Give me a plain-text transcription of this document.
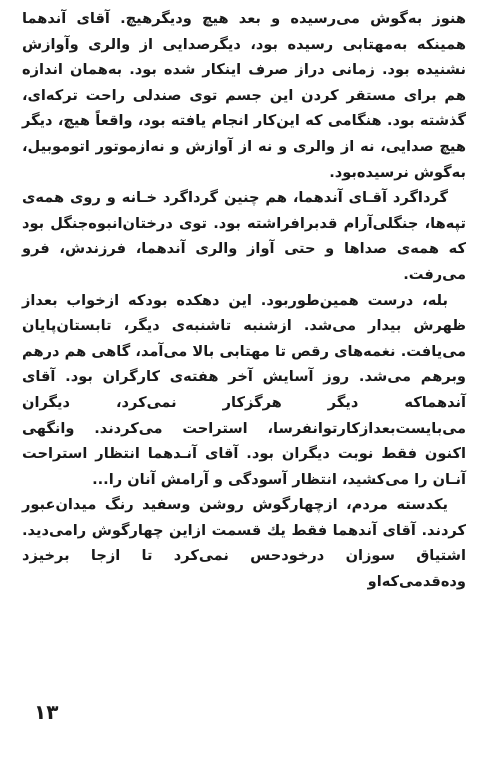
هنوز به‌گوش می‌رسیده و بعد هیچ ودیگرهیچ. آقای آندهما همینکه به‌مهتابی رسیده بود، دیگرصدایی از والری وآوازش نشنیده بود. زمانی دراز صرف اینکار شده بود. به‌همان اندازه هم برای مستقر کردن این جسم توی صندلی راحت ترکه‌ای، گذشته بود. هنگامی که این‌کار انجام یافته بود، واقعاً هیچ، دیگر هیچ صدایی، نه از والری و نه از آوازش و نه‌ازموتور اتوموبیل، به‌گوش نرسیده‌بود.

گرداگرد آقـای آندهما، هم چنین گرداگرد خـانه و روی همه‌ی تپه‌ها، جنگلی‌آرام قدبرافراشته بود. توی درختان‌انبوه‌جنگل بود که همه‌ی صداها و حتی آواز والری آندهما، فرزندش، فرو می‌رفت.

بله، درست همین‌طوربود. این دهکده بودکه ازخواب بعداز ظهرش بیدار می‌شد. ازشنبه تاشنبه‌ی دیگر، تابستان‌پایان می‌یافت. نغمه‌های رقص تا مهتابی بالا می‌آمد، گاهی هم درهم وبرهم می‌شد. روز آسایش آخر هفته‌ی کارگران بود. آقای آندهماکه دیگر هرگزکار نمی‌کرد، دیگران می‌بایست‌بعدازکار‌توانفرسا، استراحت می‌کردند. وانگهی اکنون فقط نوبت دیگران بود. آقای آنـدهما انتظار استراحت آنـان را می‌کشید، انتظار آسودگی و آرامش آنان را...

یکدسته مردم، ازچهارگوش روشن وسفید رنگ میدان‌عبور کردند. آقای آندهما فقط یك قسمت ازاین چهارگوش رامی‌دید. اشتیاق سوزان درخودحس نمی‌کرد تا ازجا برخیزد وده‌قدمی‌که‌او

۱۳
